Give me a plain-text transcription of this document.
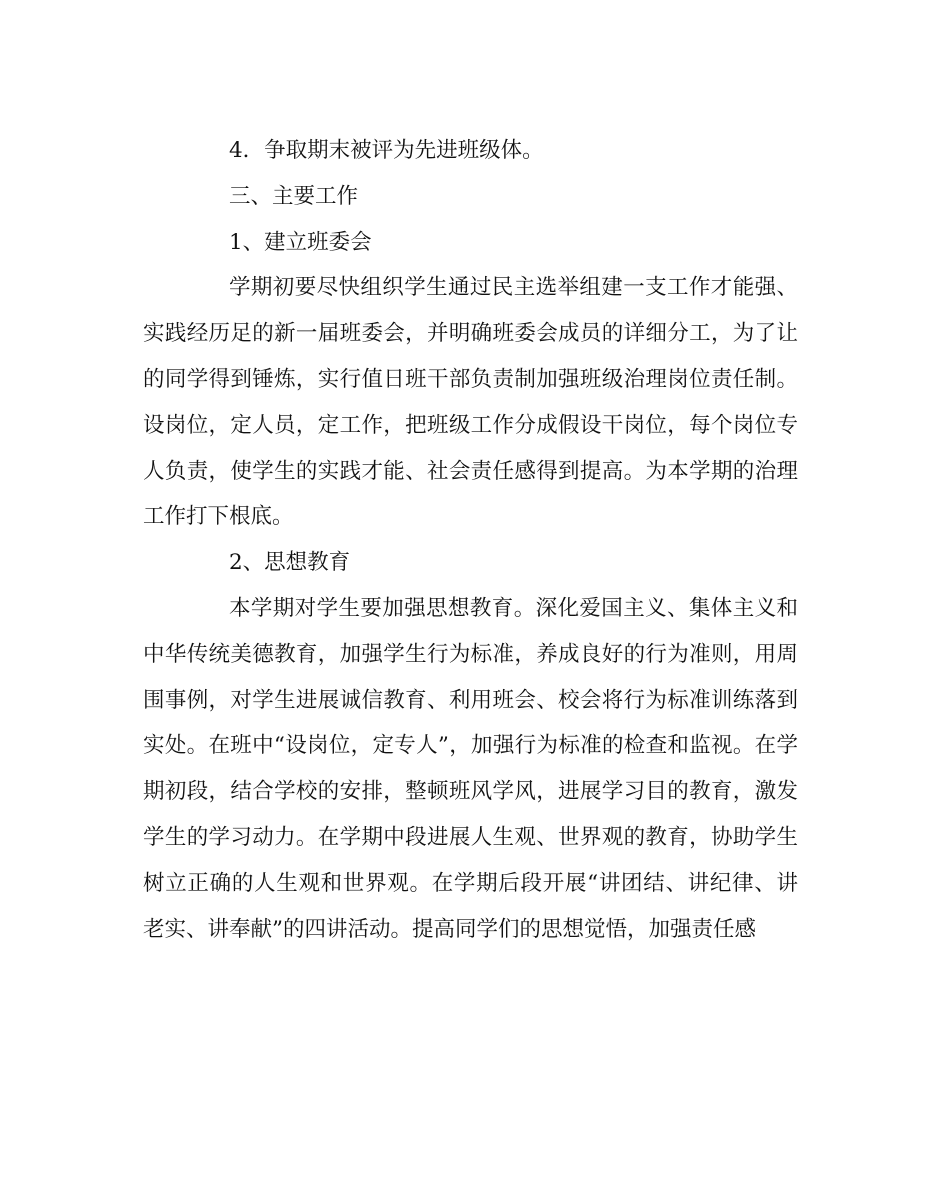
4．争取期末被评为先进班级体。

三、主要工作

1、建立班委会

学期初要尽快组织学生通过民主选举组建一支工作才能强、实践经历足的新一届班委会，并明确班委会成员的详细分工，为了让的同学得到锤炼，实行值日班干部负责制加强班级治理岗位责任制。设岗位，定人员，定工作，把班级工作分成假设干岗位，每个岗位专人负责，使学生的实践才能、社会责任感得到提高。为本学期的治理工作打下根底。

2、思想教育

本学期对学生要加强思想教育。深化爱国主义、集体主义和中华传统美德教育，加强学生行为标准，养成良好的行为准则，用周围事例，对学生进展诚信教育、利用班会、校会将行为标准训练落到实处。在班中“设岗位，定专人”，加强行为标准的检查和监视。在学期初段，结合学校的安排，整顿班风学风，进展学习目的教育，激发学生的学习动力。在学期中段进展人生观、世界观的教育，协助学生树立正确的人生观和世界观。在学期后段开展“讲团结、讲纪律、讲老实、讲奉献”的四讲活动。提高同学们的思想觉悟，加强责任感
